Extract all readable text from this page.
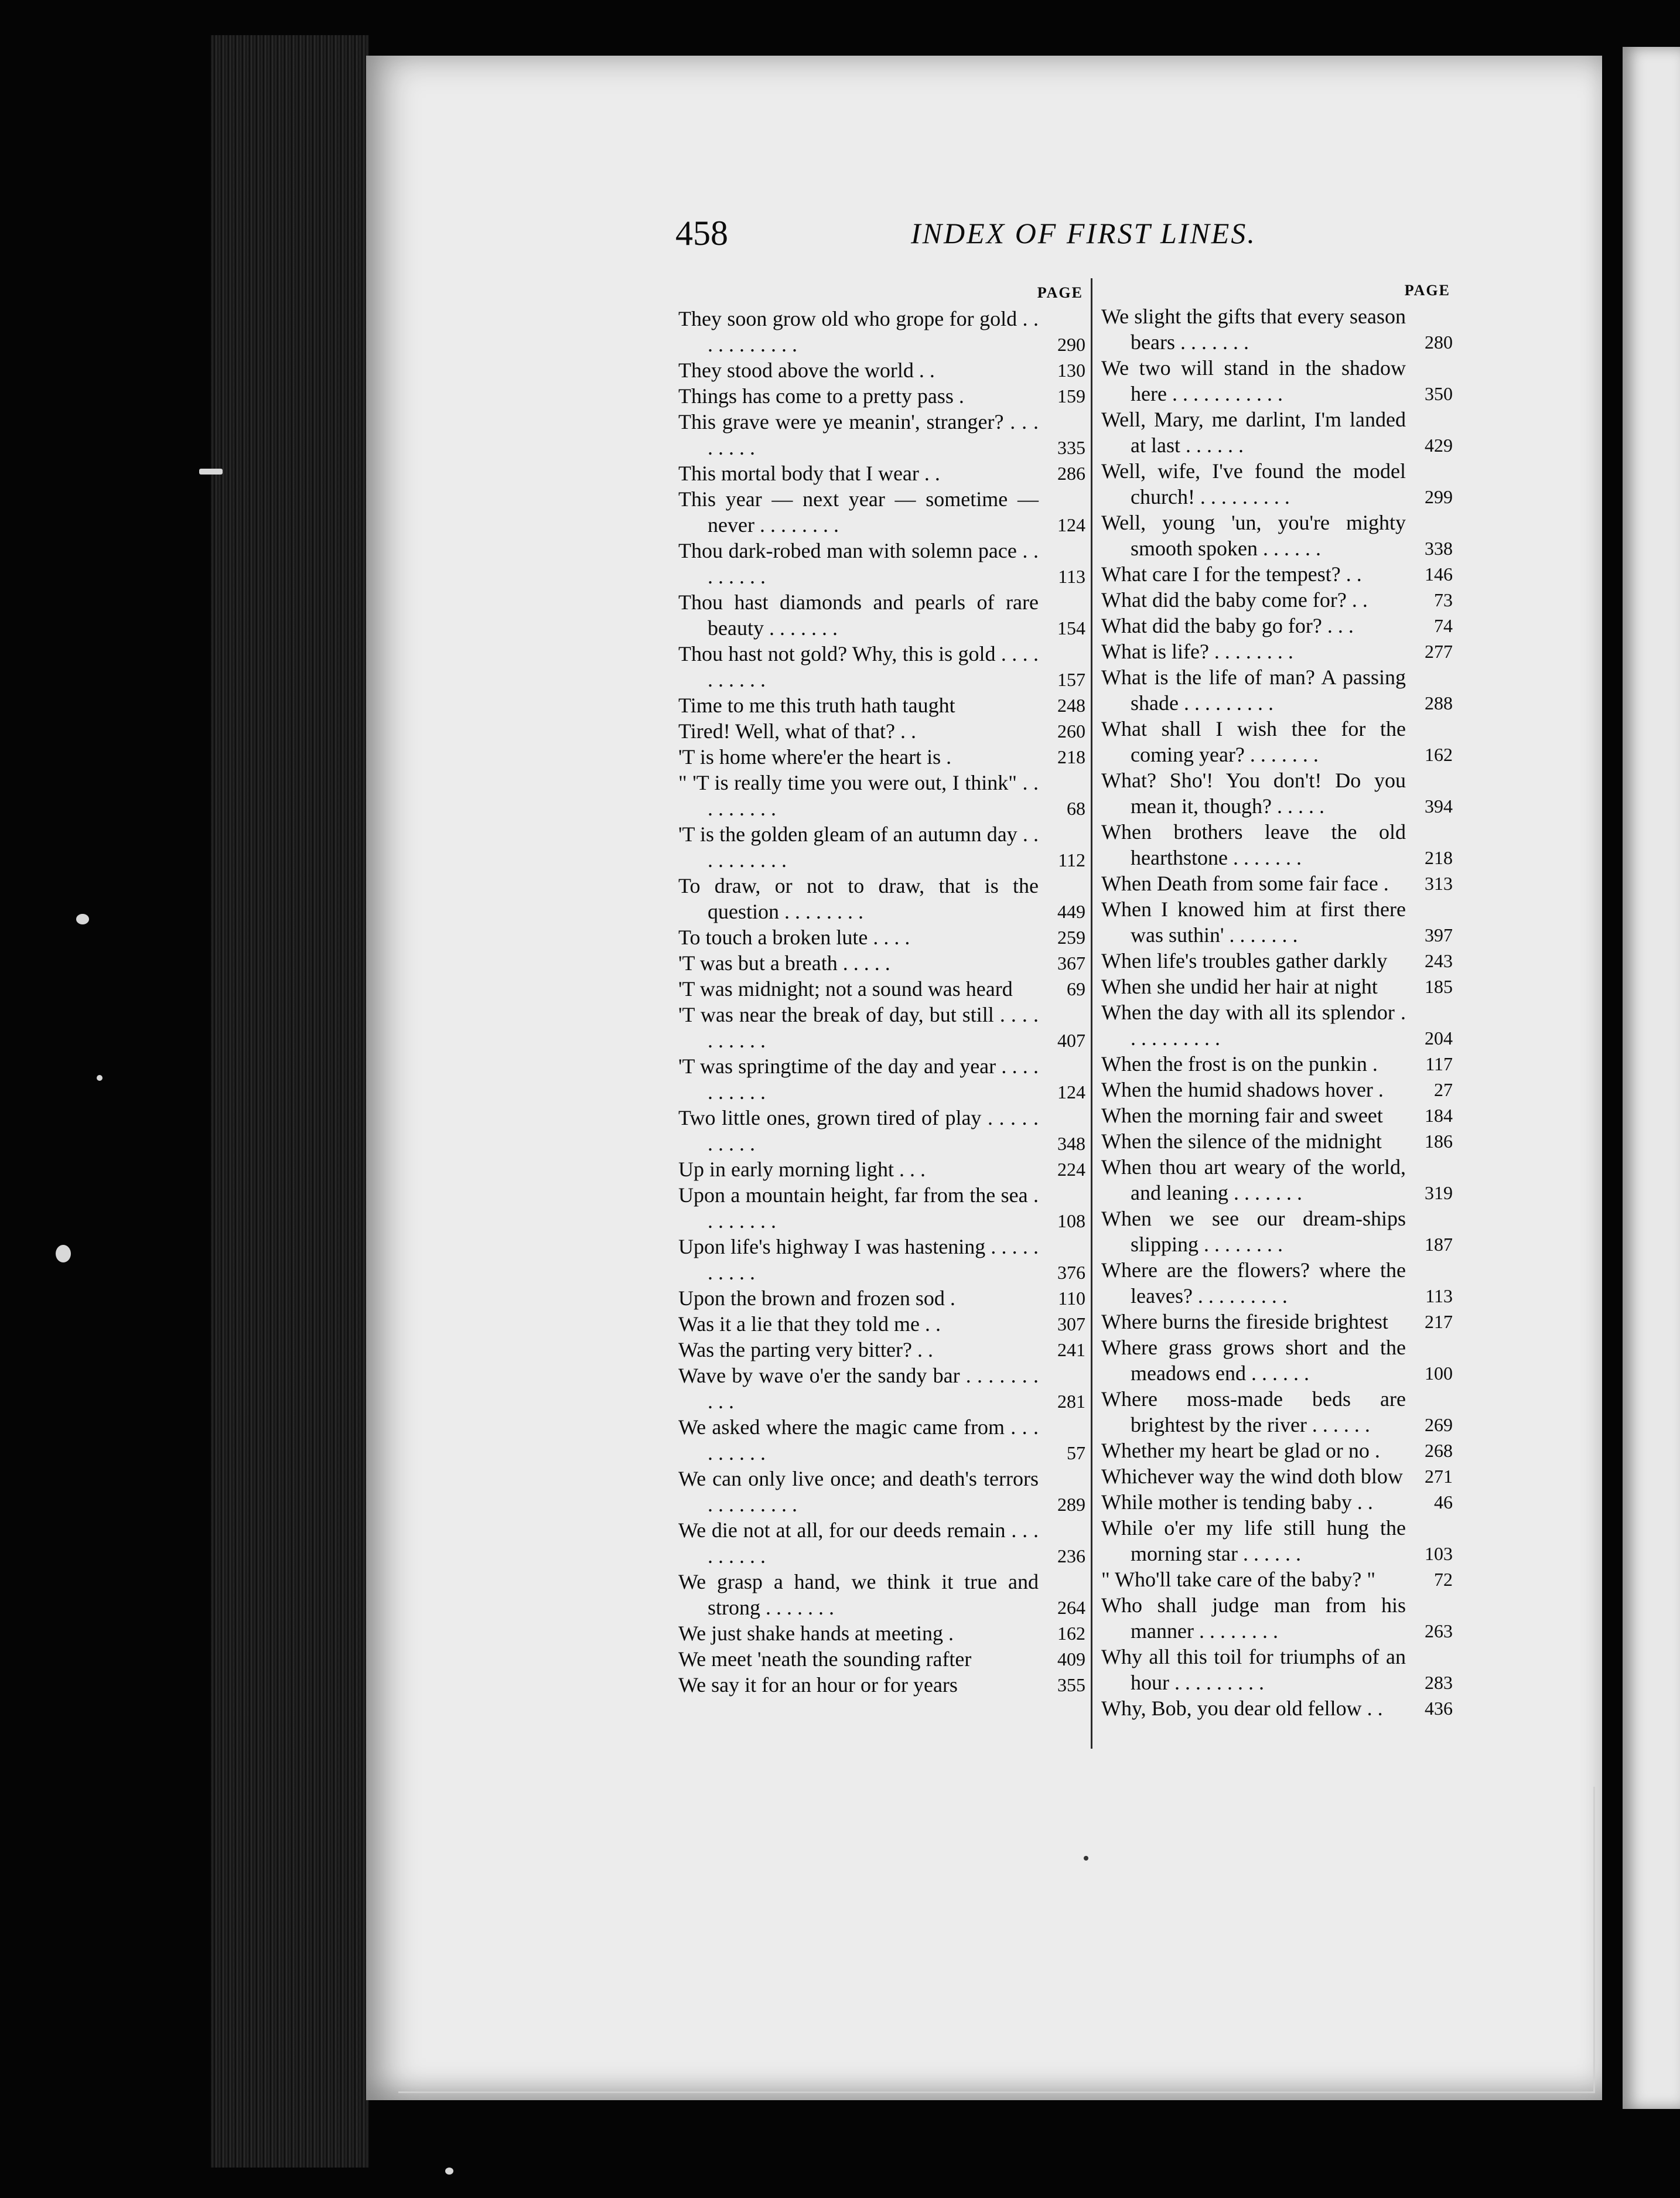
458	INDEX OF FIRST LINES.
PAGE
They soon grow old who grope for gold . . . . . . . . . . .	290
They stood above the world . .	130
Things has come to a pretty pass .	159
This grave were ye meanin', stranger? . . . . . . . .	335
This mortal body that I wear . .	286
This year — next year — sometime — never . . . . . . . .	124
Thou dark-robed man with solemn pace . . . . . . . .	113
Thou hast diamonds and pearls of rare beauty . . . . . . .	154
Thou hast not gold? Why, this is gold . . . . . . . . . .	157
Time to me this truth hath taught	248
Tired! Well, what of that? . .	260
'T is home where'er the heart is .	218
" 'T is really time you were out, I think" . . . . . . . . .	68
'T is the golden gleam of an autumn day . . . . . . . . . .	112
To draw, or not to draw, that is the question . . . . . . . .	449
To touch a broken lute . . . .	259
'T was but a breath . . . . .	367
'T was midnight; not a sound was heard	69
'T was near the break of day, but still . . . . . . . . . .	407
'T was springtime of the day and year . . . . . . . . . .	124
Two little ones, grown tired of play . . . . . . . . . .	348
Up in early morning light . . .	224
Upon a mountain height, far from the sea . . . . . . . .	108
Upon life's highway I was hastening . . . . . . . . . .	376
Upon the brown and frozen sod .	110
Was it a lie that they told me . .	307
Was the parting very bitter? . .	241
Wave by wave o'er the sandy bar . . . . . . . . . .	281
We asked where the magic came from . . . . . . . . .	57
We can only live once; and death's terrors . . . . . . . . .	289
We die not at all, for our deeds remain . . . . . . . . .	236
We grasp a hand, we think it true and strong . . . . . . .	264
We just shake hands at meeting .	162
We meet 'neath the sounding rafter	409
We say it for an hour or for years	355
PAGE
We slight the gifts that every season bears . . . . . . .	280
We two will stand in the shadow here . . . . . . . . . . .	350
Well, Mary, me darlint, I'm landed at last . . . . . .	429
Well, wife, I've found the model church! . . . . . . . . .	299
Well, young 'un, you're mighty smooth spoken . . . . . .	338
What care I for the tempest? . .	146
What did the baby come for? . .	73
What did the baby go for? . . .	74
What is life? . . . . . . . .	277
What is the life of man? A passing shade . . . . . . . . .	288
What shall I wish thee for the coming year? . . . . . . .	162
What? Sho'! You don't! Do you mean it, though? . . . . .	394
When brothers leave the old hearthstone . . . . . . .	218
When Death from some fair face .	313
When I knowed him at first there was suthin' . . . . . . .	397
When life's troubles gather darkly	243
When she undid her hair at night	185
When the day with all its splendor . . . . . . . . . .	204
When the frost is on the punkin .	117
When the humid shadows hover .	27
When the morning fair and sweet	184
When the silence of the midnight	186
When thou art weary of the world, and leaning . . . . . . .	319
When we see our dream-ships slipping . . . . . . . .	187
Where are the flowers? where the leaves? . . . . . . . . .	113
Where burns the fireside brightest	217
Where grass grows short and the meadows end . . . . . .	100
Where moss-made beds are brightest by the river . . . . . .	269
Whether my heart be glad or no .	268
Whichever way the wind doth blow	271
While mother is tending baby . .	46
While o'er my life still hung the morning star . . . . . .	103
" Who'll take care of the baby? "	72
Who shall judge man from his manner . . . . . . . .	263
Why all this toil for triumphs of an hour . . . . . . . . .	283
Why, Bob, you dear old fellow . .	436
